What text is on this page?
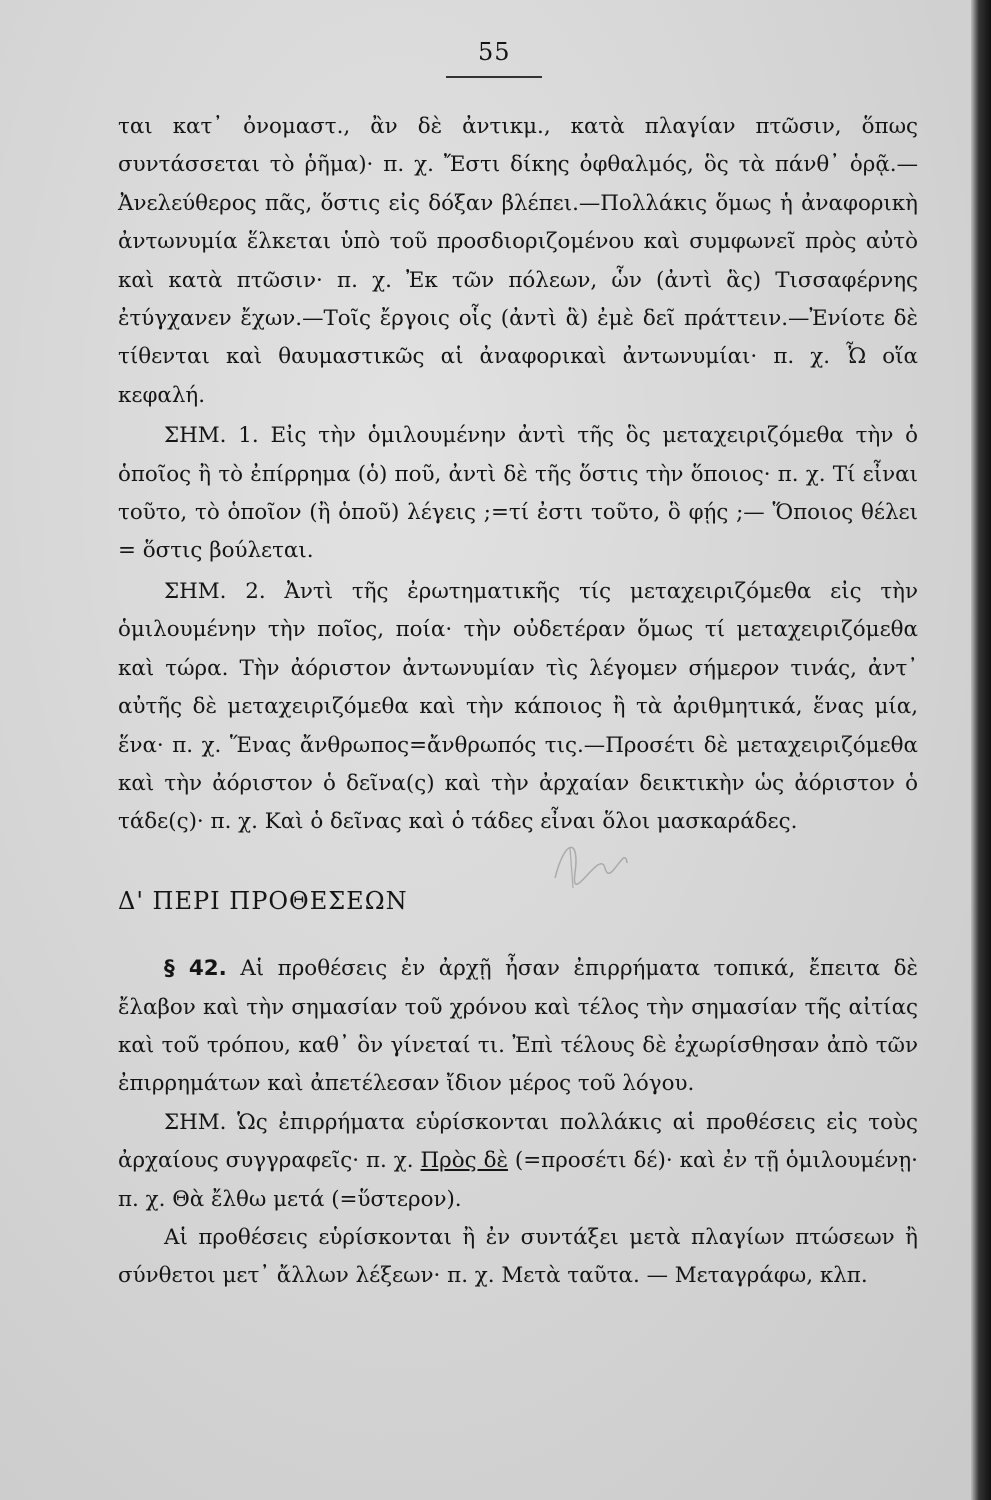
55

ται κατ᾽ ὀνομαστ., ἂν δὲ ἀντικμ., κατὰ πλαγίαν πτῶσιν, ὅπως συντάσσεται τὸ ῥῆμα)· π. χ. Ἔστι δίκης ὀφθαλμός, ὃς τὰ πάνθ᾽ ὁρᾷ.—Ἀνελεύθερος πᾶς, ὅστις εἰς δόξαν βλέπει.—Πολλάκις ὅμως ἡ ἀναφορικὴ ἀντωνυμία ἕλκεται ὑπὸ τοῦ προσδιοριζομένου καὶ συμφωνεῖ πρὸς αὐτὸ καὶ κατὰ πτῶσιν· π. χ. Ἐκ τῶν πόλεων, ὧν (ἀντὶ ἃς) Τισσαφέρνης ἐτύγχανεν ἔχων.—Τοῖς ἔργοις οἷς (ἀντὶ ἃ) ἐμὲ δεῖ πράττειν.—Ἐνίοτε δὲ τίθενται καὶ θαυμαστικῶς αἱ ἀναφορικαὶ ἀντωνυμίαι· π. χ. Ὦ οἵα κεφαλή.

ΣΗΜ. 1. Εἰς τὴν ὁμιλουμένην ἀντὶ τῆς ὃς μεταχειριζόμεθα τὴν ὁ ὁποῖος ἢ τὸ ἐπίρρημα (ὁ) ποῦ, ἀντὶ δὲ τῆς ὅστις τὴν ὅποιος· π. χ. Τί εἶναι τοῦτο, τὸ ὁποῖον (ἢ ὁποῦ) λέγεις ;=τί ἐστι τοῦτο, ὃ φῄς ;— Ὅποιος θέλει = ὅστις βούλεται.

ΣΗΜ. 2. Ἀντὶ τῆς ἐρωτηματικῆς τίς μεταχειριζόμεθα εἰς τὴν ὁμιλουμένην τὴν ποῖος, ποία· τὴν οὐδετέραν ὅμως τί μεταχειριζόμεθα καὶ τώρα. Τὴν ἀόριστον ἀντωνυμίαν τὶς λέγομεν σήμερον τινάς, ἀντ᾽ αὐτῆς δὲ μεταχειριζόμεθα καὶ τὴν κάποιος ἢ τὰ ἀριθμητικά, ἕνας μία, ἕνα· π. χ. Ἕνας ἄνθρωπος=ἄνθρωπός τις.—Προσέτι δὲ μεταχειριζόμεθα καὶ τὴν ἀόριστον ὁ δεῖνα(ς) καὶ τὴν ἀρχαίαν δεικτικὴν ὡς ἀόριστον ὁ τάδε(ς)· π. χ. Καὶ ὁ δεῖνας καὶ ὁ τάδες εἶναι ὅλοι μασκαράδες.

Δ' ΠΕΡΙ ΠΡΟΘΕΣΕΩΝ

§ 42. Αἱ προθέσεις ἐν ἀρχῇ ἦσαν ἐπιρρήματα τοπικά, ἔπειτα δὲ ἔλαβον καὶ τὴν σημασίαν τοῦ χρόνου καὶ τέλος τὴν σημασίαν τῆς αἰτίας καὶ τοῦ τρόπου, καθ᾽ ὃν γίνεταί τι. Ἐπὶ τέλους δὲ ἐχωρίσθησαν ἀπὸ τῶν ἐπιρρημάτων καὶ ἀπετέλεσαν ἴδιον μέρος τοῦ λόγου.

ΣΗΜ. Ὡς ἐπιρρήματα εὑρίσκονται πολλάκις αἱ προθέσεις εἰς τοὺς ἀρχαίους συγγραφεῖς· π. χ. Πρὸς δὲ (=προσέτι δέ)· καὶ ἐν τῇ ὁμιλουμένῃ· π. χ. Θὰ ἔλθω μετά (=ὕστερον).

Αἱ προθέσεις εὑρίσκονται ἢ ἐν συντάξει μετὰ πλαγίων πτώσεων ἢ σύνθετοι μετ᾽ ἄλλων λέξεων· π. χ. Μετὰ ταῦτα. — Μεταγράφω, κλπ.
